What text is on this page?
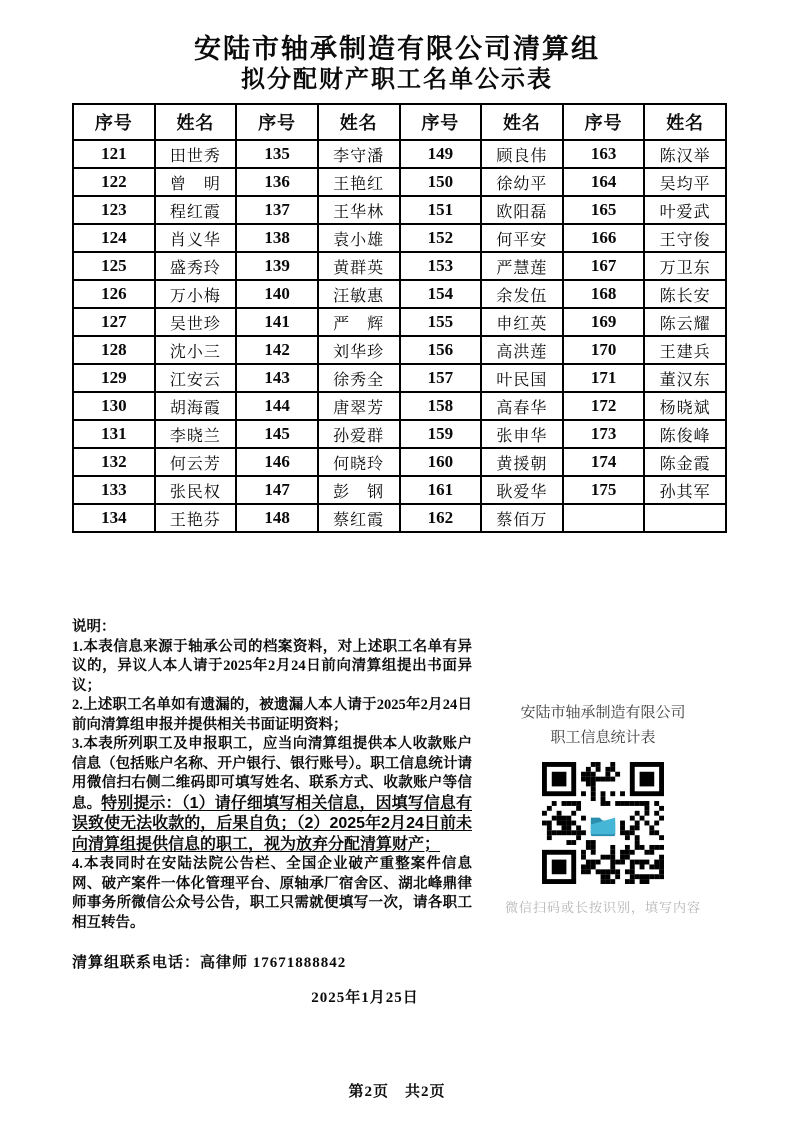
安陆市轴承制造有限公司清算组
拟分配财产职工名单公示表
序号	姓名	序号	姓名	序号	姓名	序号	姓名
121	田世秀	135	李守潘	149	顾良伟	163	陈汉举
122	曾　明	136	王艳红	150	徐幼平	164	吴均平
123	程红霞	137	王华林	151	欧阳磊	165	叶爱武
124	肖义华	138	袁小雄	152	何平安	166	王守俊
125	盛秀玲	139	黄群英	153	严慧莲	167	万卫东
126	万小梅	140	汪敏惠	154	余发伍	168	陈长安
127	吴世珍	141	严　辉	155	申红英	169	陈云耀
128	沈小三	142	刘华珍	156	高洪莲	170	王建兵
129	江安云	143	徐秀全	157	叶民国	171	董汉东
130	胡海霞	144	唐翠芳	158	高春华	172	杨晓斌
131	李晓兰	145	孙爱群	159	张申华	173	陈俊峰
132	何云芳	146	何晓玲	160	黄援朝	174	陈金霞
133	张民权	147	彭　钢	161	耿爱华	175	孙其军
134	王艳芬	148	蔡红霞	162	蔡佰万		

说明：

1.本表信息来源于轴承公司的档案资料，对上述职工名单有异议的，异议人本人请于2025年2月24日前向清算组提出书面异议；

2.上述职工名单如有遗漏的，被遗漏人本人请于2025年2月24日前向清算组申报并提供相关书面证明资料；

3.本表所列职工及申报职工，应当向清算组提供本人收款账户信息（包括账户名称、开户银行、银行账号）。职工信息统计请用微信扫右侧二维码即可填写姓名、联系方式、收款账户等信息。特别提示：（1）请仔细填写相关信息，因填写信息有误致使无法收款的，后果自负；（2）2025年2月24日前未向清算组提供信息的职工，视为放弃分配清算财产；

4.本表同时在安陆法院公告栏、全国企业破产重整案件信息网、破产案件一体化管理平台、原轴承厂宿舍区、湖北峰鼎律师事务所微信公众号公告，职工只需就便填写一次，请各职工相互转告。

安陆市轴承制造有限公司

职工信息统计表

微信扫码或长按识别，填写内容
清算组联系电话：高律师 17671888842
2025年1月25日
第2页　共2页
